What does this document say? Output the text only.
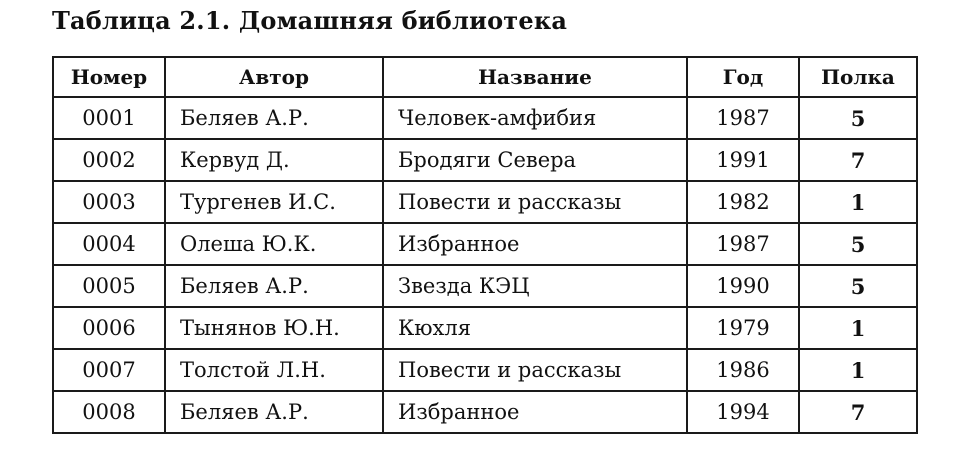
Таблица 2.1. Домашняя библиотека
Номер	Автор	Название	Год	Полка
0001	Беляев А.Р.	Человек-амфибия	1987	5
0002	Кервуд Д.	Бродяги Севера	1991	7
0003	Тургенев И.С.	Повести и рассказы	1982	1
0004	Олеша Ю.К.	Избранное	1987	5
0005	Беляев А.Р.	Звезда КЭЦ	1990	5
0006	Тынянов Ю.Н.	Кюхля	1979	1
0007	Толстой Л.Н.	Повести и рассказы	1986	1
0008	Беляев А.Р.	Избранное	1994	7
